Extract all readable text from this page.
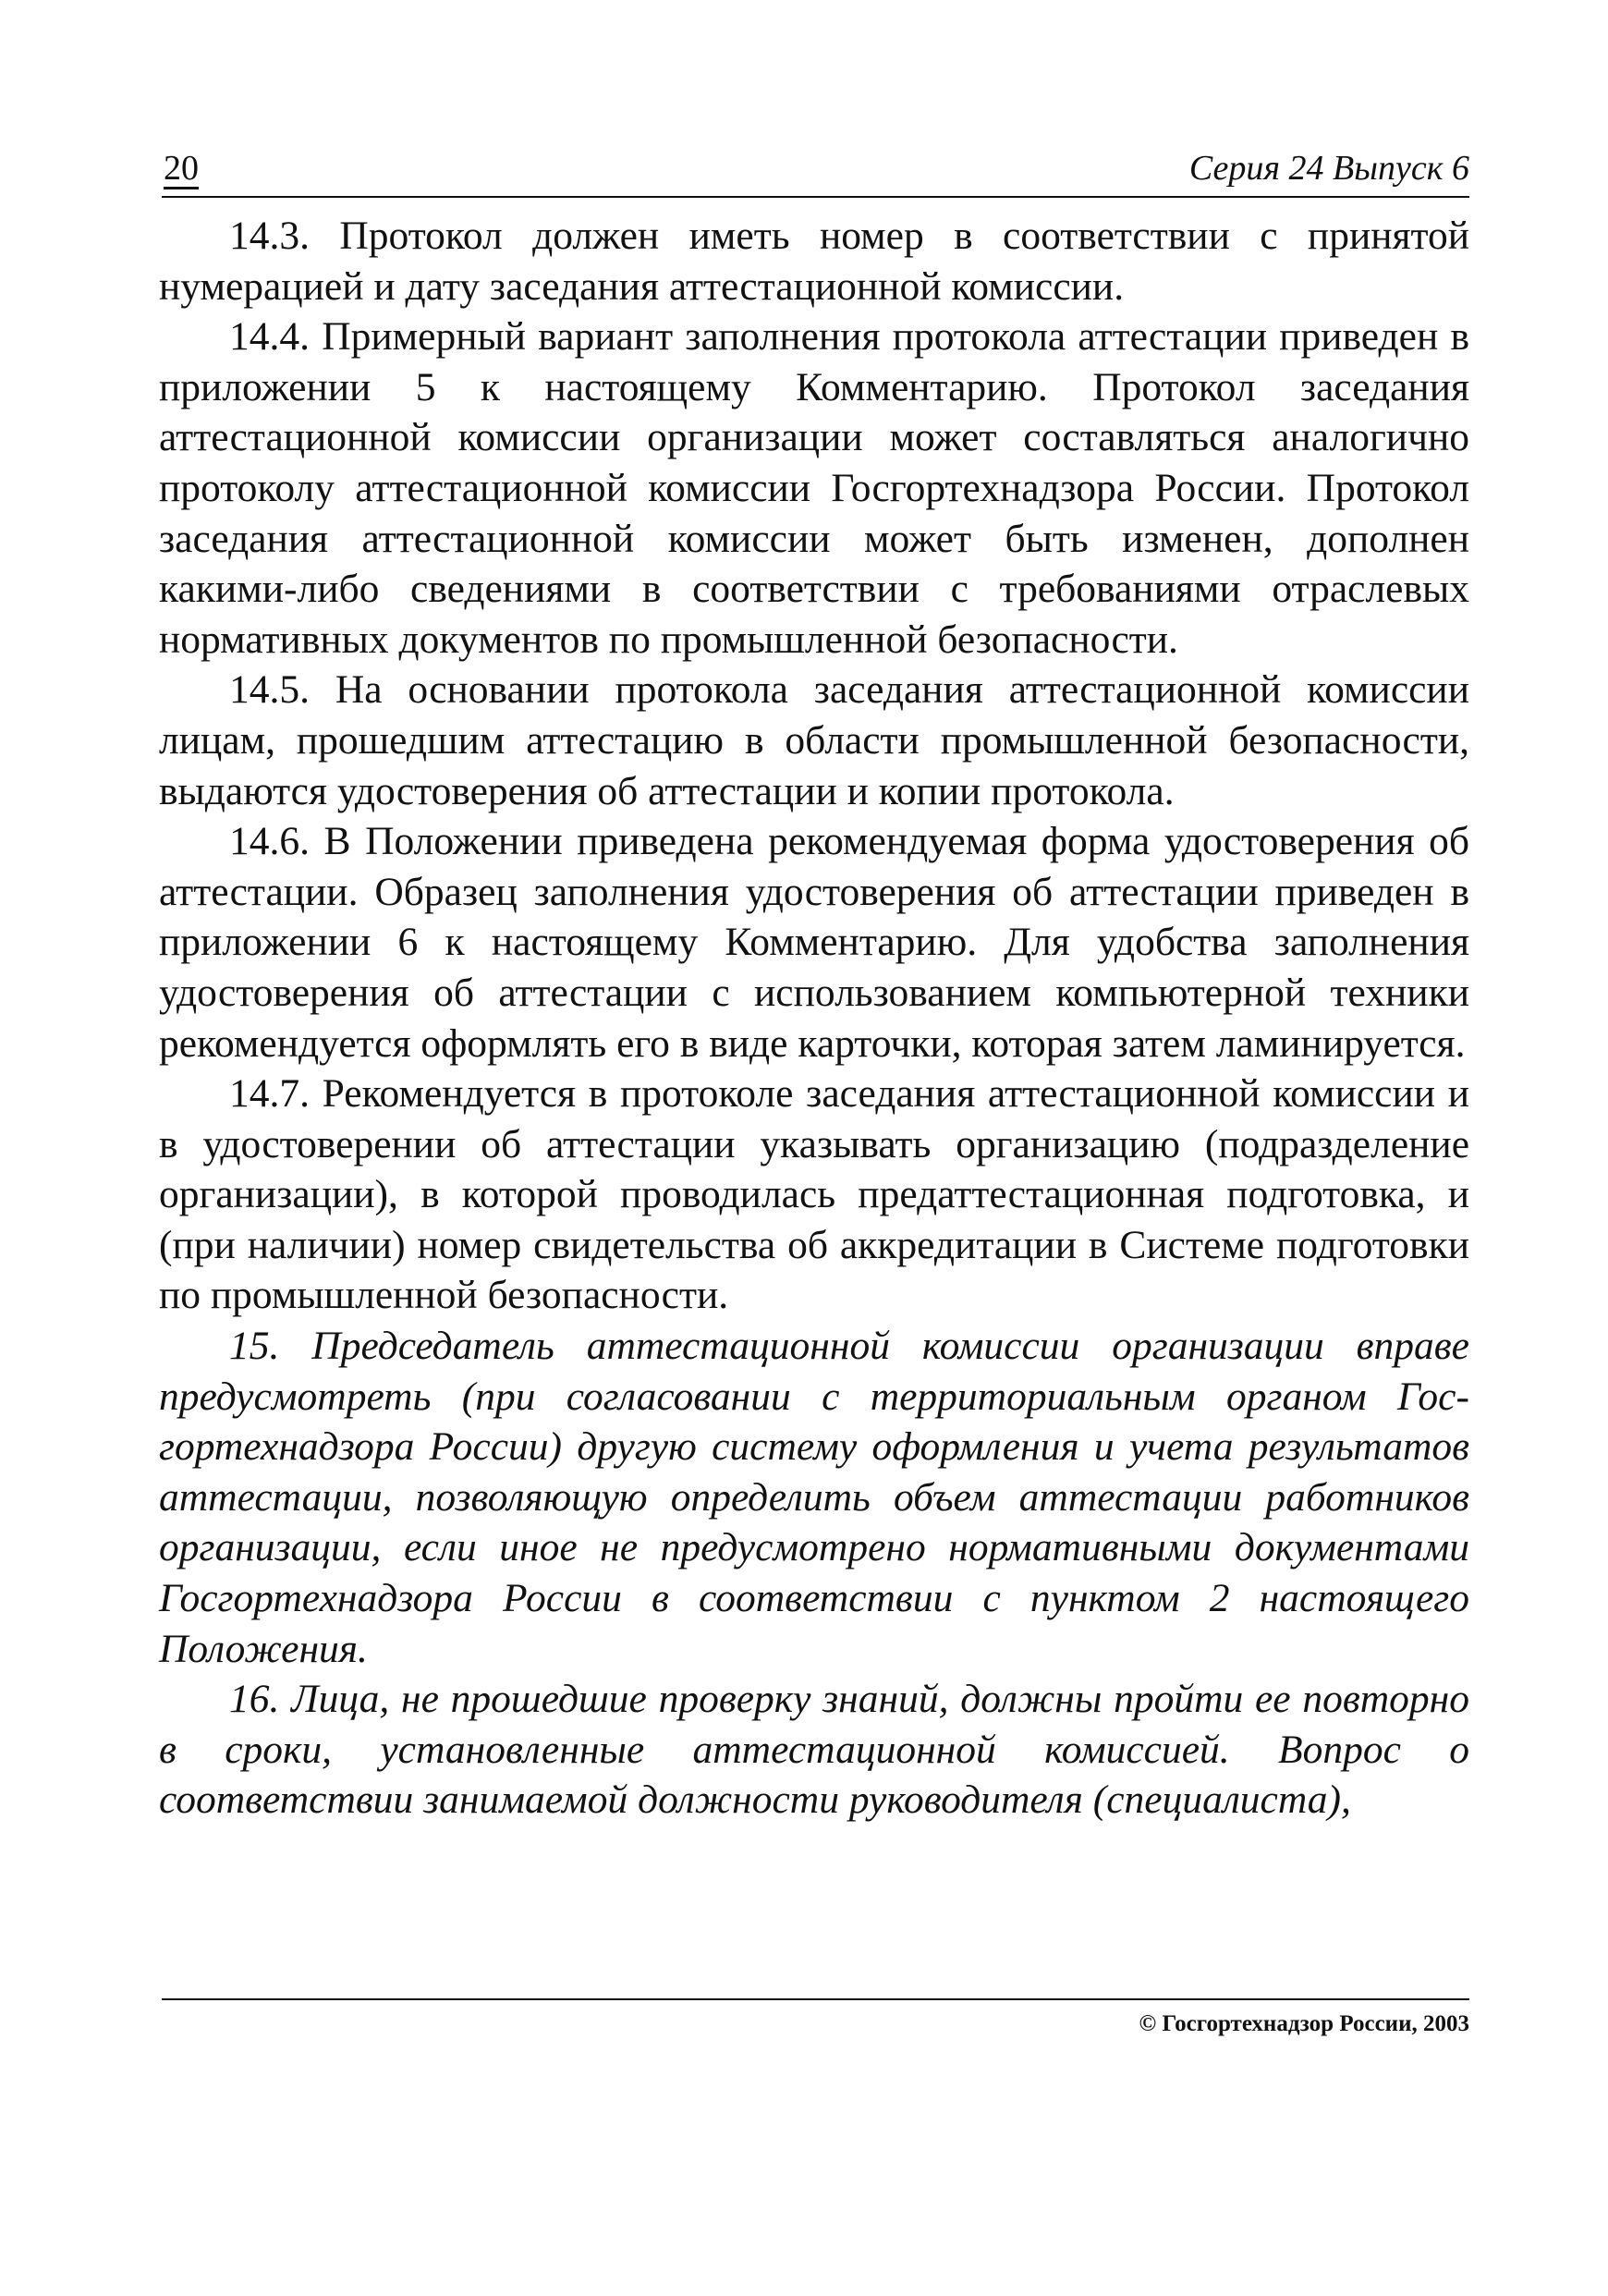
20	Серия 24 Выпуск 6

14.3. Протокол должен иметь номер в соответствии с принятой нумерацией и дату заседания аттестационной комиссии.

14.4. Примерный вариант заполнения протокола аттестации приведен в приложении 5 к настоящему Комментарию. Протокол заседания аттестационной комиссии организации может составляться аналогично протоколу аттестационной комиссии Госгортехнадзора России. Протокол заседания аттестационной комиссии может быть изменен, дополнен какими-либо сведениями в соответствии с требованиями отраслевых нормативных документов по промышленной безопасности.

14.5. На основании протокола заседания аттестационной комиссии лицам, прошедшим аттестацию в области промышленной безопасности, выдаются удостоверения об аттестации и копии протокола.

14.6. В Положении приведена рекомендуемая форма удостоверения об аттестации. Образец заполнения удостоверения об аттестации приведен в приложении 6 к настоящему Комментарию. Для удобства заполнения удостоверения об аттестации с использованием компьютерной техники рекомендуется оформлять его в виде карточки, которая затем ламинируется.

14.7. Рекомендуется в протоколе заседания аттестационной комиссии и в удостоверении об аттестации указывать организацию (подразделение организации), в которой проводилась предаттестационная подготовка, и (при наличии) номер свидетельства об аккредитации в Системе подготовки по промышленной безопасности.

15. Председатель аттестационной комиссии организации вправе предусмотреть (при согласовании с территориальным органом Госгортехнадзора России) другую систему оформления и учета результатов аттестации, позволяющую определить объем аттестации работников организации, если иное не предусмотрено нормативными документами Госгортехнадзора России в соответствии с пунктом 2 настоящего Положения.

16. Лица, не прошедшие проверку знаний, должны пройти ее повторно в сроки, установленные аттестационной комиссией. Вопрос о соответствии занимаемой должности руководителя (специалиста),

© Госгортехнадзор России, 2003
